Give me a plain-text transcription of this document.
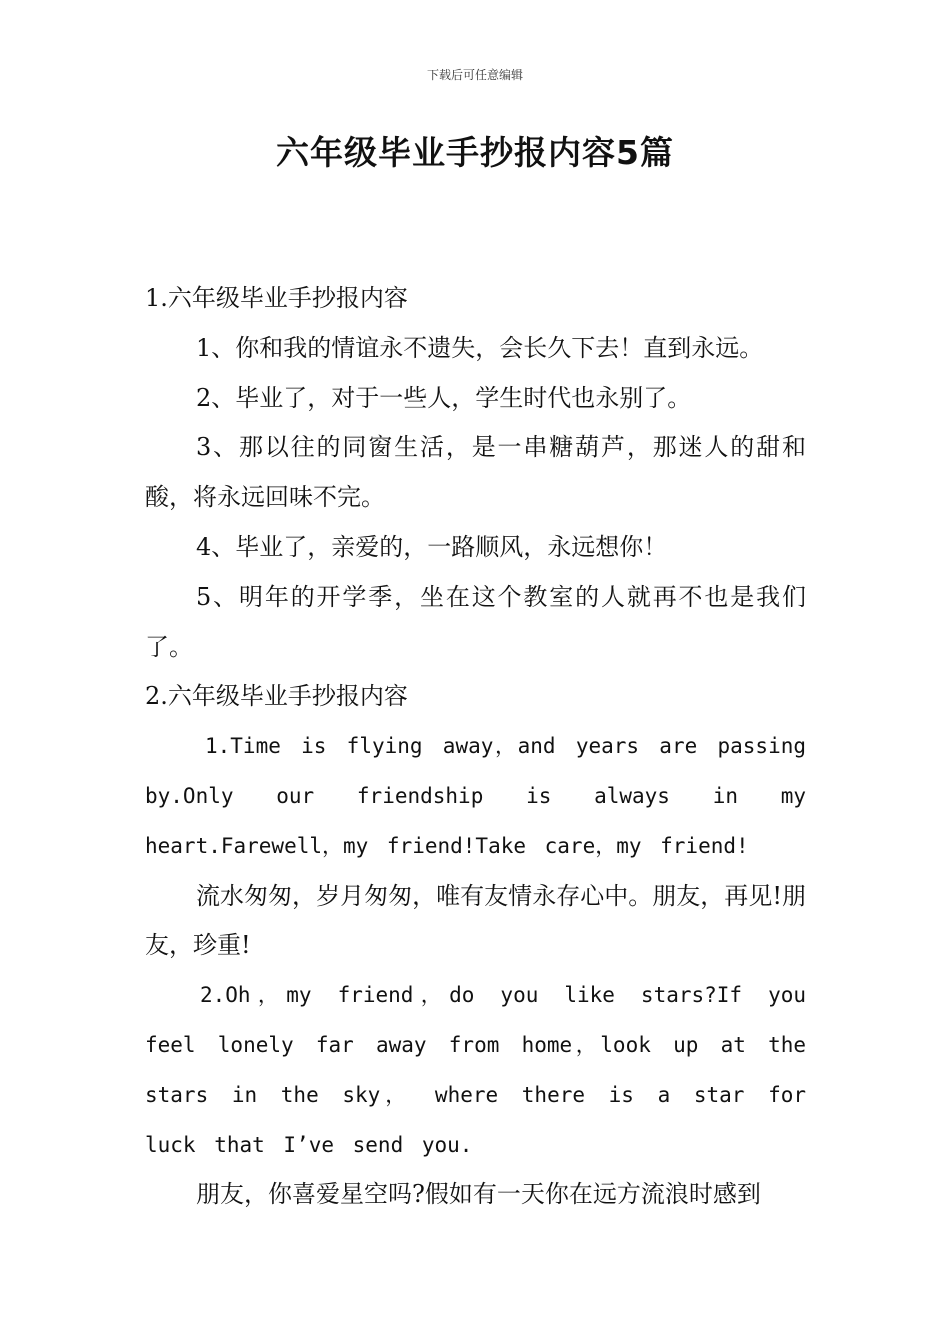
下载后可任意编辑
六年级毕业手抄报内容5篇

1.六年级毕业手抄报内容

1、你和我的情谊永不遗失，会长久下去！直到永远。

2、毕业了，对于一些人，学生时代也永别了。

3、那以往的同窗生活，是一串糖葫芦，那迷人的甜和酸，将永远回味不完。

4、毕业了，亲爱的，一路顺风，永远想你！

5、明年的开学季，坐在这个教室的人就再不也是我们了。

2.六年级毕业手抄报内容

1.Time is flying away，and years are passing by.Only our friendship is always in my heart.Farewell，my friend!Take care，my friend!

流水匆匆，岁月匆匆，唯有友情永存心中。朋友，再见!朋友，珍重!

2.Oh，my friend，do you like stars?If you feel lonely far away from home，look up at the stars in the sky， where there is a star for luck that I’ve send you.

朋友，你喜爱星空吗?假如有一天你在远方流浪时感到
